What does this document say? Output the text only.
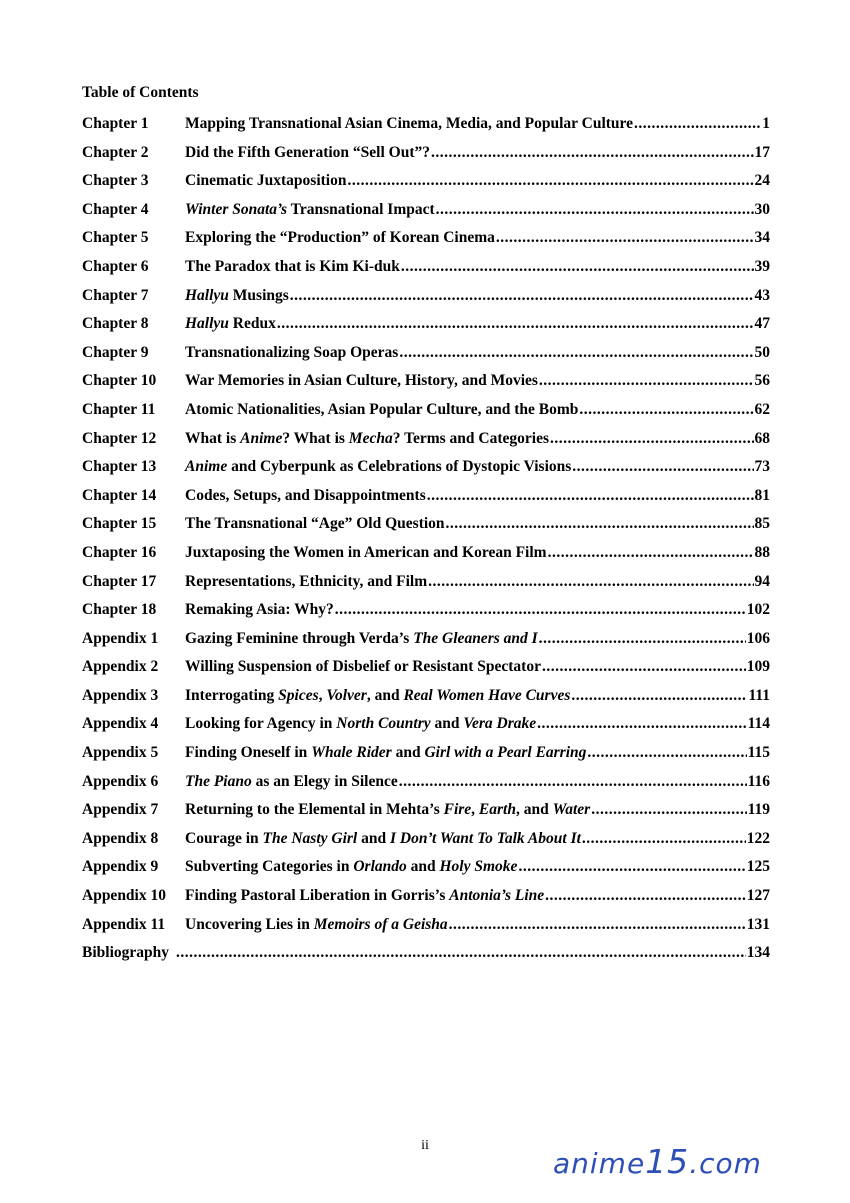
Table of Contents
Chapter 1	Mapping Transnational Asian Cinema, Media, and Popular Culture .....	1
Chapter 2	Did the Fifth Generation “Sell Out”? .....	17
Chapter 3	Cinematic Juxtaposition .....	24
Chapter 4	Winter Sonata’s Transnational Impact .....	30
Chapter 5	Exploring the “Production” of Korean Cinema .....	34
Chapter 6	The Paradox that is Kim Ki-duk .....	39
Chapter 7	Hallyu Musings .....	43
Chapter 8	Hallyu Redux .....	47
Chapter 9	Transnationalizing Soap Operas .....	50
Chapter 10	War Memories in Asian Culture, History, and Movies .....	56
Chapter 11	Atomic Nationalities, Asian Popular Culture, and the Bomb .....	62
Chapter 12	What is Anime? What is Mecha? Terms and Categories .....	68
Chapter 13	Anime and Cyberpunk as Celebrations of Dystopic Visions .....	73
Chapter 14	Codes, Setups, and Disappointments .....	81
Chapter 15	The Transnational “Age” Old Question .....	85
Chapter 16	Juxtaposing the Women in American and Korean Film .....	88
Chapter 17	Representations, Ethnicity, and Film .....	94
Chapter 18	Remaking Asia: Why? .....	102
Appendix 1	Gazing Feminine through Verda’s The Gleaners and I .....	106
Appendix 2	Willing Suspension of Disbelief or Resistant Spectator .....	109
Appendix 3	Interrogating Spices, Volver, and Real Women Have Curves .....	111
Appendix 4	Looking for Agency in North Country and Vera Drake .....	114
Appendix 5	Finding Oneself in Whale Rider and Girl with a Pearl Earring .....	115
Appendix 6	The Piano as an Elegy in Silence .....	116
Appendix 7	Returning to the Elemental in Mehta’s Fire, Earth, and Water .....	119
Appendix 8	Courage in The Nasty Girl and I Don’t Want To Talk About It .....	122
Appendix 9	Subverting Categories in Orlando and Holy Smoke .....	125
Appendix 10	Finding Pastoral Liberation in Gorris’s Antonia’s Line .....	127
Appendix 11	Uncovering Lies in Memoirs of a Geisha .....	131
Bibliography .....	134
ii
anime15.com
